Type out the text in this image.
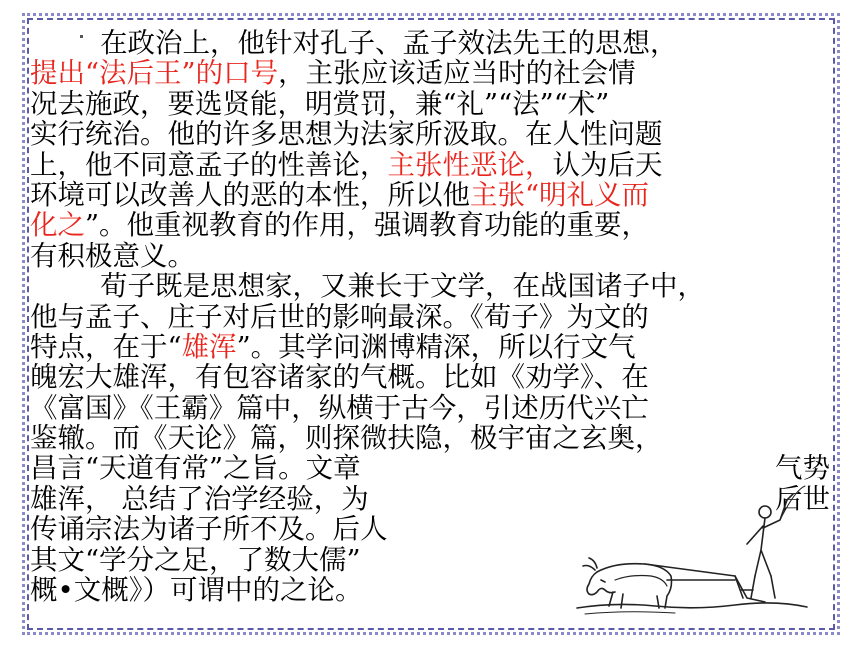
在政治上，他针对孔子、孟子效法先王的思想，
提出“法后王”的口号，主张应该适应当时的社会情
况去施政，要选贤能，明赏罚，兼“礼”“法”“术”
实行统治。他的许多思想为法家所汲取。在人性问题
上，他不同意孟子的性善论，主张性恶论，认为后天
环境可以改善人的恶的本性，所以他主张“明礼义而
化之”。他重视教育的作用，强调教育功能的重要，
有积极意义。
荀子既是思想家，又兼长于文学，在战国诸子中，
他与孟子、庄子对后世的影响最深。《荀子》为文的
特点，在于“雄浑”。其学问渊博精深，所以行文气
魄宏大雄浑，有包容诸家的气概。比如《劝学》、在
《富国》《王霸》篇中，纵横于古今，引述历代兴亡
鉴辙。而《天论》篇，则探微扶隐，极宇宙之玄奥，
昌言“天道有常”之旨。文章	气势
雄浑， 总结了治学经验，为	后世
传诵宗法为诸子所不及。后人
其文“学分之足，了数大儒”
概•文概》）可谓中的之论。
